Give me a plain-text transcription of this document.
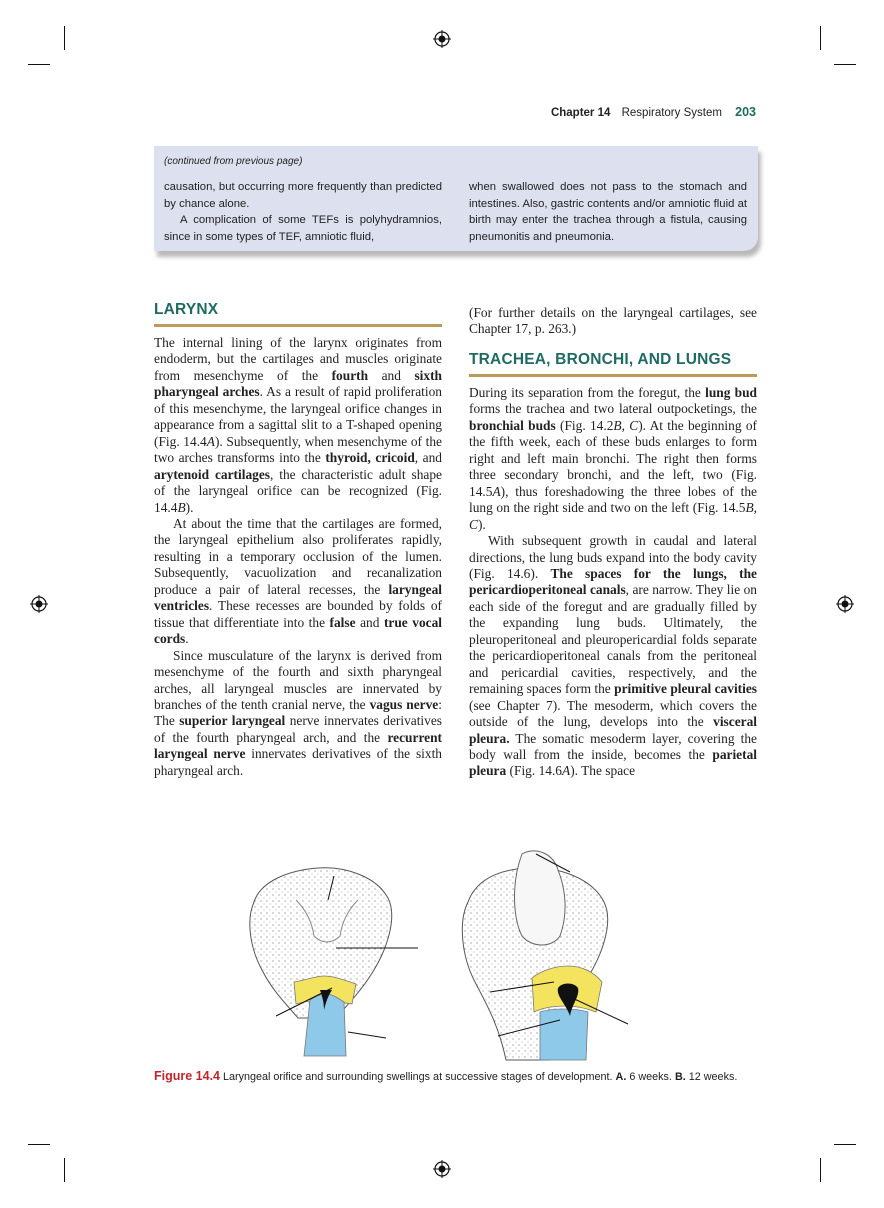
Chapter 14 Respiratory System 203
(continued from previous page)

causation, but occurring more frequently than predicted by chance alone.

A complication of some TEFs is polyhydramnios, since in some types of TEF, amniotic fluid,

when swallowed does not pass to the stomach and intestines. Also, gastric contents and/or amniotic fluid at birth may enter the trachea through a fistula, causing pneumonitis and pneumonia.

LARYNX

The internal lining of the larynx originates from endoderm, but the cartilages and muscles originate from mesenchyme of the fourth and sixth pharyngeal arches. As a result of rapid proliferation of this mesenchyme, the laryngeal orifice changes in appearance from a sagittal slit to a T-shaped opening (Fig. 14.4A). Subsequently, when mesenchyme of the two arches transforms into the thyroid, cricoid, and arytenoid cartilages, the characteristic adult shape of the laryngeal orifice can be recognized (Fig. 14.4B).

At about the time that the cartilages are formed, the laryngeal epithelium also proliferates rapidly, resulting in a temporary occlusion of the lumen. Subsequently, vacuolization and recanalization produce a pair of lateral recesses, the laryngeal ventricles. These recesses are bounded by folds of tissue that differentiate into the false and true vocal cords.

Since musculature of the larynx is derived from mesenchyme of the fourth and sixth pharyngeal arches, all laryngeal muscles are innervated by branches of the tenth cranial nerve, the vagus nerve: The superior laryngeal nerve innervates derivatives of the fourth pharyngeal arch, and the recurrent laryngeal nerve innervates derivatives of the sixth pharyngeal arch.

(For further details on the laryngeal cartilages, see Chapter 17, p. 263.)

TRACHEA, BRONCHI, AND LUNGS

During its separation from the foregut, the lung bud forms the trachea and two lateral outpocketings, the bronchial buds (Fig. 14.2B, C). At the beginning of the fifth week, each of these buds enlarges to form right and left main bronchi. The right then forms three secondary bronchi, and the left, two (Fig. 14.5A), thus foreshadowing the three lobes of the lung on the right side and two on the left (Fig. 14.5B, C).

With subsequent growth in caudal and lateral directions, the lung buds expand into the body cavity (Fig. 14.6). The spaces for the lungs, the pericardioperitoneal canals, are narrow. They lie on each side of the foregut and are gradually filled by the expanding lung buds. Ultimately, the pleuroperitoneal and pleuropericardial folds separate the pericardioperitoneal canals from the peritoneal and pericardial cavities, respectively, and the remaining spaces form the primitive pleural cavities (see Chapter 7). The mesoderm, which covers the outside of the lung, develops into the visceral pleura. The somatic mesoderm layer, covering the body wall from the inside, becomes the parietal pleura (Fig. 14.6A). The space

Figure 14.4 Laryngeal orifice and surrounding swellings at successive stages of development. A. 6 weeks. B. 12 weeks.
